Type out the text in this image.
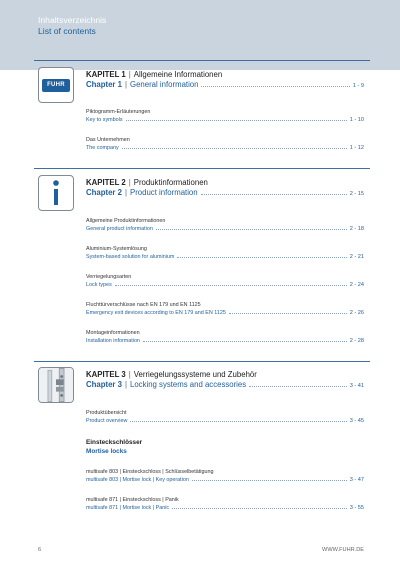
Inhaltsverzeichnis
List of contents
FUHR
KAPITEL 1 | Allgemeine Informationen
Chapter 1 | General information	1 - 9
Piktogramm-Erläuterungen
Key to symbols	1 - 10
Das Unternehmen
The company	1 - 12
KAPITEL 2 | Produktinformationen
Chapter 2 | Product information	2 - 15
Allgemeine Produktinformationen
General product information	2 - 18
Aluminium-Systemlösung
System-based solution for aluminium	2 - 21
Verriegelungsarten
Lock types	2 - 24
Fluchttürverschlüsse nach EN 179 und EN 1125
Emergency exit devices according to EN 179 and EN 1125	2 - 26
Montageinformationen
Installation information	2 - 28
KAPITEL 3 | Verriegelungssysteme und Zubehör
Chapter 3 | Locking systems and accessories	3 - 41
Produktübersicht
Product overview	3 - 45
Einsteckschlösser
Mortise locks
multisafe 803 | Einsteckschloss | Schlüsselbetätigung
multisafe 803 | Mortise lock | Key operation	3 - 47
multisafe 871 | Einsteckschloss | Panik
multisafe 871 | Mortise lock | Panic	3 - 55
6	WWW.FUHR.DE
